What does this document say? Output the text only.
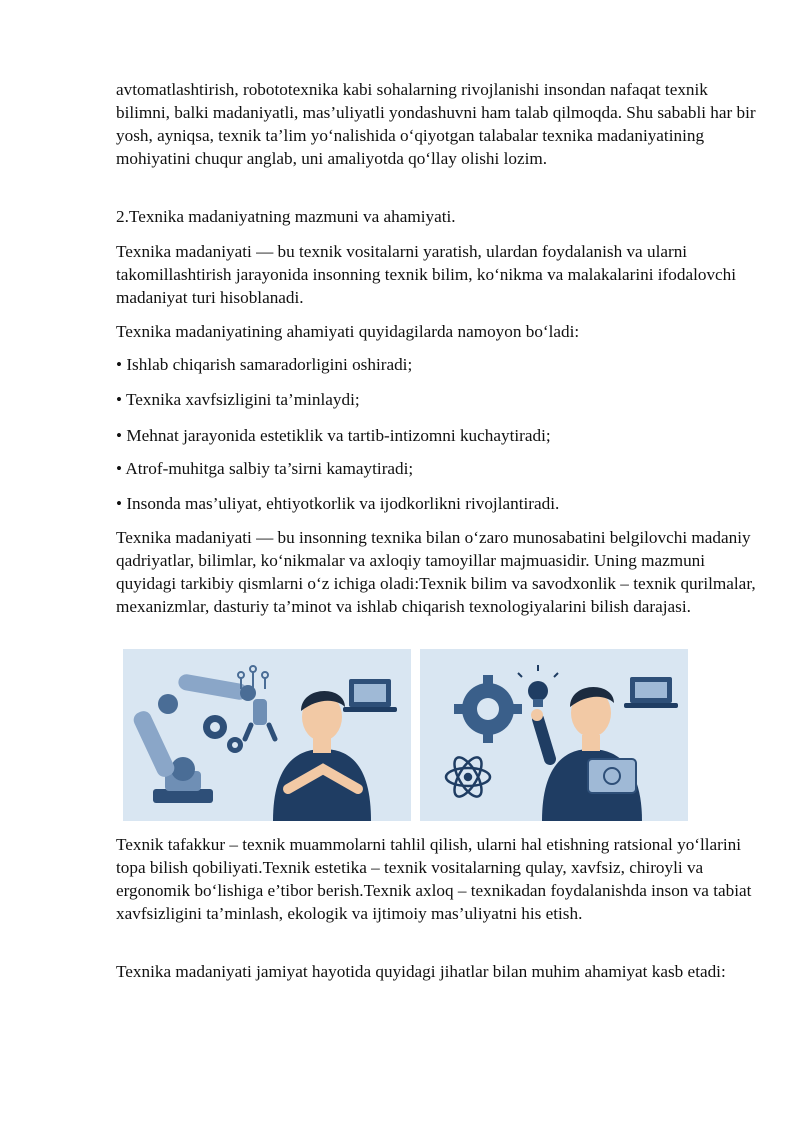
avtomatlashtirish, robototexnika kabi sohalarning rivojlanishi insondan nafaqat texnik bilimni, balki madaniyatli, mas’uliyatli yondashuvni ham talab qilmoqda. Shu sababli har bir yosh, ayniqsa, texnik ta’lim yo‘nalishida o‘qiyotgan talabalar texnika madaniyatining mohiyatini chuqur anglab, uni amaliyotda qo‘llay olishi lozim.

2.Texnika madaniyatning mazmuni va ahamiyati.

Texnika madaniyati — bu texnik vositalarni yaratish, ulardan foydalanish va ularni takomillashtirish jarayonida insonning texnik bilim, ko‘nikma va malakalarini ifodalovchi madaniyat turi hisoblanadi.

Texnika madaniyatining ahamiyati quyidagilarda namoyon bo‘ladi:

• Ishlab chiqarish samaradorligini oshiradi;

• Texnika xavfsizligini ta’minlaydi;

• Mehnat jarayonida estetiklik va tartib-intizomni kuchaytiradi;

• Atrof-muhitga salbiy ta’sirni kamaytiradi;

• Insonda mas’uliyat, ehtiyotkorlik va ijodkorlikni rivojlantiradi.

Texnika madaniyati — bu insonning texnika bilan o‘zaro munosabatini belgilovchi madaniy qadriyatlar, bilimlar, ko‘nikmalar va axloqiy tamoyillar majmuasidir. Uning mazmuni quyidagi tarkibiy qismlarni o‘z ichiga oladi:Texnik bilim va savodxonlik – texnik qurilmalar, mexanizmlar, dasturiy ta’minot va ishlab chiqarish texnologiyalarini bilish darajasi.

Texnik tafakkur – texnik muammolarni tahlil qilish, ularni hal etishning ratsional yo‘llarini topa bilish qobiliyati.Texnik estetika – texnik vositalarning qulay, xavfsiz, chiroyli va ergonomik bo‘lishiga e’tibor berish.Texnik axloq – texnikadan foydalanishda inson va tabiat xavfsizligini ta’minlash, ekologik va ijtimoiy mas’uliyatni his etish.

Texnika madaniyati jamiyat hayotida quyidagi jihatlar bilan muhim ahamiyat kasb etadi:
